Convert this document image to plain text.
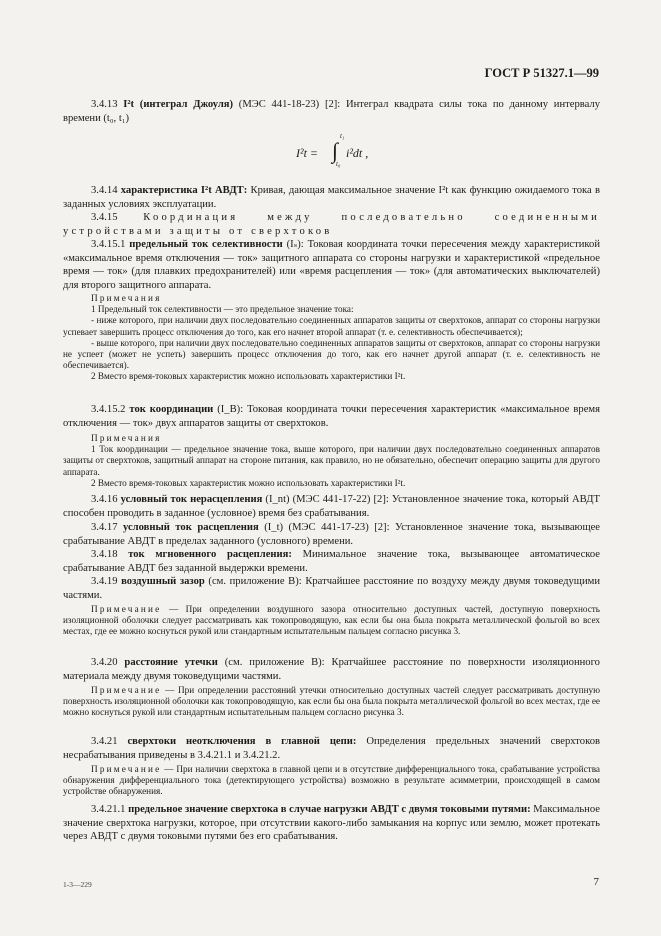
ГОСТ Р 51327.1—99

3.4.13 I²t (интеграл Джоуля) (МЭС 441-18-23) [2]: Интеграл квадрата силы тока по данному интервалу времени (t₀, t₁)

I²t = ∫
t₁
t₀
i²dt ,

3.4.14 характеристика I²t АВДТ: Кривая, дающая максимальное значение I²t как функцию ожидаемого тока в заданных условиях эксплуатации.

3.4.15 Координация между последовательно соединенными устройствами защиты от сверхтоков

3.4.15.1 предельный ток селективности (Iₛ): Токовая координата точки пересечения между характеристикой «максимальное время отключения — ток» защитного аппарата со стороны нагрузки и характеристикой «предельное время — ток» (для плавких предохранителей) или «время расцепления — ток» (для автоматических выключателей) для второго защитного аппарата.

Примечания
1 Предельный ток селективности — это предельное значение тока:
- ниже которого, при наличии двух последовательно соединенных аппаратов защиты от сверхтоков, аппарат со стороны нагрузки успевает завершить процесс отключения до того, как его начнет второй аппарат (т. е. селективность обеспечивается);
- выше которого, при наличии двух последовательно соединенных аппаратов защиты от сверхтоков, аппарат со стороны нагрузки не успеет (может не успеть) завершить процесс отключения до того, как его начнет другой аппарат (т. е. селективность не обеспечивается).
2 Вместо время-токовых характеристик можно использовать характеристики I²t.

3.4.15.2 ток координации (I_B): Токовая координата точки пересечения характеристик «максимальное время отключения — ток» двух аппаратов защиты от сверхтоков.

Примечания
1 Ток координации — предельное значение тока, выше которого, при наличии двух последовательно соединенных аппаратов защиты от сверхтоков, защитный аппарат на стороне питания, как правило, но не обязательно, обеспечит операцию защиты для другого аппарата.
2 Вместо время-токовых характеристик можно использовать характеристики I²t.

3.4.16 условный ток нерасцепления (I_nt) (МЭС 441-17-22) [2]: Установленное значение тока, который АВДТ способен проводить в заданное (условное) время без срабатывания.

3.4.17 условный ток расцепления (I_t) (МЭС 441-17-23) [2]: Установленное значение тока, вызывающее срабатывание АВДТ в пределах заданного (условного) времени.

3.4.18 ток мгновенного расцепления: Минимальное значение тока, вызывающее автоматическое срабатывание АВДТ без заданной выдержки времени.

3.4.19 воздушный зазор (см. приложение В): Кратчайшее расстояние по воздуху между двумя токоведущими частями.

Примечание — При определении воздушного зазора относительно доступных частей, доступную поверхность изоляционной оболочки следует рассматривать как токопроводящую, как если бы она была покрыта металлической фольгой во всех местах, где ее можно коснуться рукой или стандартным испытательным пальцем согласно рисунка 3.

3.4.20 расстояние утечки (см. приложение В): Кратчайшее расстояние по поверхности изоляционного материала между двумя токоведущими частями.

Примечание — При определении расстояний утечки относительно доступных частей следует рассматривать доступную поверхность изоляционной оболочки как токопроводящую, как если бы она была покрыта металлической фольгой во всех местах, где ее можно коснуться рукой или стандартным испытательным пальцем согласно рисунка 3.

3.4.21 сверхтоки неотключения в главной цепи: Определения предельных значений сверхтоков несрабатывания приведены в 3.4.21.1 и 3.4.21.2.

Примечание — При наличии сверхтока в главной цепи и в отсутствие дифференциального тока, срабатывание устройства обнаружения дифференциального тока (детектирующего устройства) возможно в результате асимметрии, происходящей в самом устройстве обнаружения.

3.4.21.1 предельное значение сверхтока в случае нагрузки АВДТ с двумя токовыми путями: Максимальное значение сверхтока нагрузки, которое, при отсутствии какого-либо замыкания на корпус или землю, может протекать через АВДТ с двумя токовыми путями без его срабатывания.

1-3—229	7
